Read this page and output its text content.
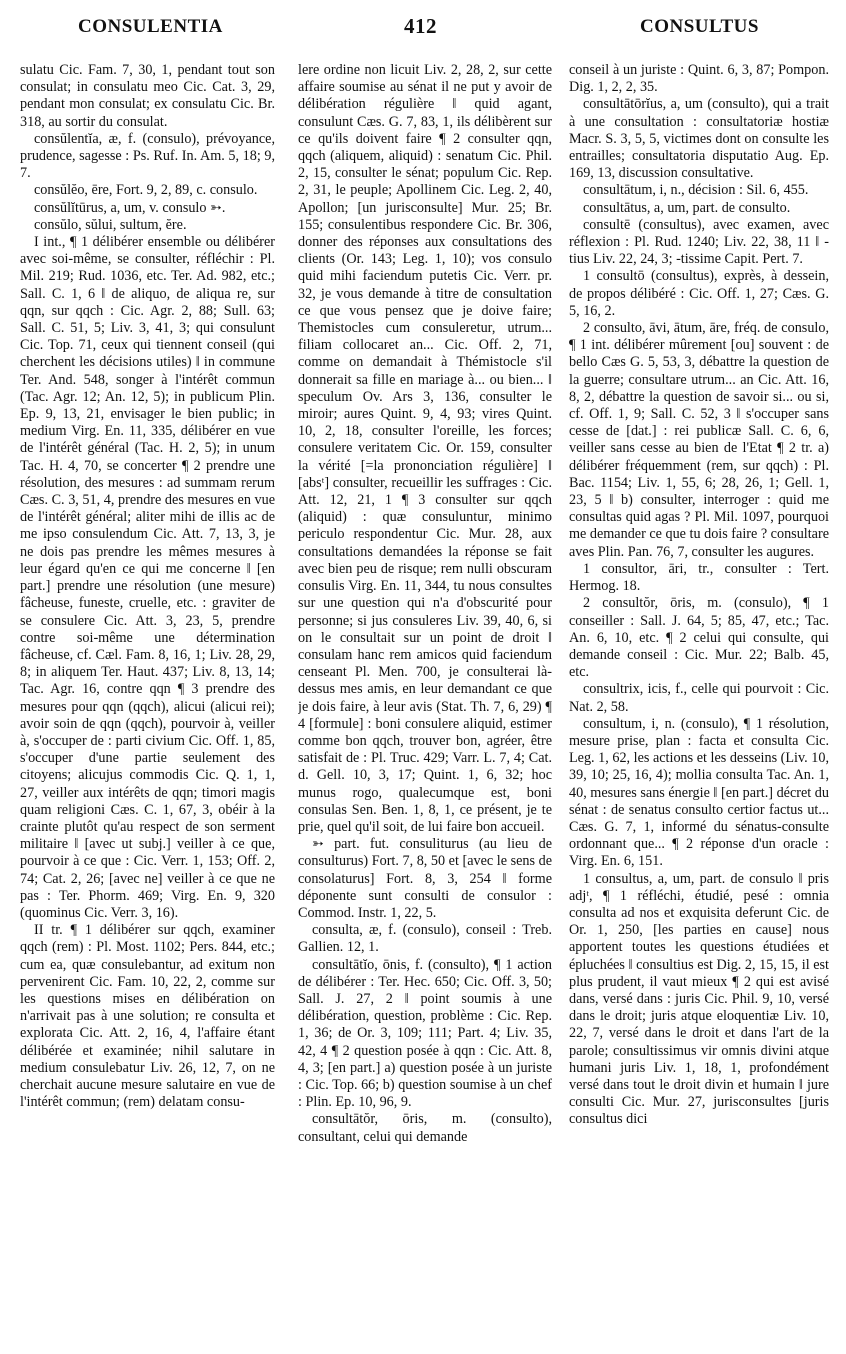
CONSULENTIA	412	CONSULTUS

sulatu Cic. Fam. 7, 30, 1, pendant tout son consulat; in consulatu meo Cic. Cat. 3, 29, pendant mon consulat; ex consulatu Cic. Br. 318, au sortir du consulat.

consŭlentĭa, æ, f. (consulo), prévoyance, prudence, sagesse : Ps. Ruf. In. Am. 5, 18; 9, 7.

consŭlĕo, ēre, Fort. 9, 2, 89, c. consulo.

consŭlĭtūrus, a, um, v. consulo ➳.

consŭlo, sŭlui, sultum, ĕre.

I int., ¶ 1 délibérer ensemble ou délibérer avec soi-même, se consulter, réfléchir : Pl. Mil. 219; Rud. 1036, etc. Ter. Ad. 982, etc.; Sall. C. 1, 6 ‖ de aliquo, de aliqua re, sur qqn, sur qqch : Cic. Agr. 2, 88; Sull. 63; Sall. C. 51, 5; Liv. 3, 41, 3; qui consulunt Cic. Top. 71, ceux qui tiennent conseil (qui cherchent les décisions utiles) ‖ in commune Ter. And. 548, songer à l'intérêt commun (Tac. Agr. 12; An. 12, 5); in publicum Plin. Ep. 9, 13, 21, envisager le bien public; in medium Virg. En. 11, 335, délibérer en vue de l'intérêt général (Tac. H. 2, 5); in unum Tac. H. 4, 70, se concerter ¶ 2 prendre une résolution, des mesures : ad summam rerum Cæs. C. 3, 51, 4, prendre des mesures en vue de l'intérêt général; aliter mihi de illis ac de me ipso consulendum Cic. Att. 7, 13, 3, je ne dois pas prendre les mêmes mesures à leur égard qu'en ce qui me concerne ‖ [en part.] prendre une résolution (une mesure) fâcheuse, funeste, cruelle, etc. : graviter de se consulere Cic. Att. 3, 23, 5, prendre contre soi-même une détermination fâcheuse, cf. Cæl. Fam. 8, 16, 1; Liv. 28, 29, 8; in aliquem Ter. Haut. 437; Liv. 8, 13, 14; Tac. Agr. 16, contre qqn ¶ 3 prendre des mesures pour qqn (qqch), alicui (alicui rei); avoir soin de qqn (qqch), pourvoir à, veiller à, s'occuper de : parti civium Cic. Off. 1, 85, s'occuper d'une partie seulement des citoyens; alicujus commodis Cic. Q. 1, 1, 27, veiller aux intérêts de qqn; timori magis quam religioni Cæs. C. 1, 67, 3, obéir à la crainte plutôt qu'au respect de son serment militaire ‖ [avec ut subj.] veiller à ce que, pourvoir à ce que : Cic. Verr. 1, 153; Off. 2, 74; Cat. 2, 26; [avec ne] veiller à ce que ne pas : Ter. Phorm. 469; Virg. En. 9, 320 (quominus Cic. Verr. 3, 16).

II tr. ¶ 1 délibérer sur qqch, examiner qqch (rem) : Pl. Most. 1102; Pers. 844, etc.; cum ea, quæ consulebantur, ad exitum non pervenirent Cic. Fam. 10, 22, 2, comme sur les questions mises en délibération on n'arrivait pas à une solution; re consulta et explorata Cic. Att. 2, 16, 4, l'affaire étant délibérée et examinée; nihil salutare in medium consulebatur Liv. 26, 12, 7, on ne cherchait aucune mesure salutaire en vue de l'intérêt commun; (rem) delatam consu-

lere ordine non licuit Liv. 2, 28, 2, sur cette affaire soumise au sénat il ne put y avoir de délibération régulière ‖ quid agant, consulunt Cæs. G. 7, 83, 1, ils délibèrent sur ce qu'ils doivent faire ¶ 2 consulter qqn, qqch (aliquem, aliquid) : senatum Cic. Phil. 2, 15, consulter le sénat; populum Cic. Rep. 2, 31, le peuple; Apollinem Cic. Leg. 2, 40, Apollon; [un jurisconsulte] Mur. 25; Br. 155; consulentibus respondere Cic. Br. 306, donner des réponses aux consultations des clients (Or. 143; Leg. 1, 10); vos consulo quid mihi faciendum putetis Cic. Verr. pr. 32, je vous demande à titre de consultation ce que vous pensez que je doive faire; Themistocles cum consuleretur, utrum... filiam collocaret an... Cic. Off. 2, 71, comme on demandait à Thémistocle s'il donnerait sa fille en mariage à... ou bien... ‖ speculum Ov. Ars 3, 136, consulter le miroir; aures Quint. 9, 4, 93; vires Quint. 10, 2, 18, consulter l'oreille, les forces; consulere veritatem Cic. Or. 159, consulter la vérité [=la prononciation régulière] ‖ [absᵗ] consulter, recueillir les suffrages : Cic. Att. 12, 21, 1 ¶ 3 consulter sur qqch (aliquid) : quæ consuluntur, minimo periculo respondentur Cic. Mur. 28, aux consultations demandées la réponse se fait avec bien peu de risque; rem nulli obscuram consulis Virg. En. 11, 344, tu nous consultes sur une question qui n'a d'obscurité pour personne; si jus consuleres Liv. 39, 40, 6, si on le consultait sur un point de droit ‖ consulam hanc rem amicos quid faciendum censeant Pl. Men. 700, je consulterai là-dessus mes amis, en leur demandant ce que je dois faire, à leur avis (Stat. Th. 7, 6, 29) ¶ 4 [formule] : boni consulere aliquid, estimer comme bon qqch, trouver bon, agréer, être satisfait de : Pl. Truc. 429; Varr. L. 7, 4; Cat. d. Gell. 10, 3, 17; Quint. 1, 6, 32; hoc munus rogo, qualecumque est, boni consulas Sen. Ben. 1, 8, 1, ce présent, je te prie, quel qu'il soit, de lui faire bon accueil.

➳ part. fut. consuliturus (au lieu de consulturus) Fort. 7, 8, 50 et [avec le sens de consolaturus] Fort. 8, 3, 254 ‖ forme déponente sunt consulti de consulor : Commod. Instr. 1, 22, 5.

consulta, æ, f. (consulo), conseil : Treb. Gallien. 12, 1.

consultātĭo, ōnis, f. (consulto), ¶ 1 action de délibérer : Ter. Hec. 650; Cic. Off. 3, 50; Sall. J. 27, 2 ‖ point soumis à une délibération, question, problème : Cic. Rep. 1, 36; de Or. 3, 109; 111; Part. 4; Liv. 35, 42, 4 ¶ 2 question posée à qqn : Cic. Att. 8, 4, 3; [en part.] a) question posée à un juriste : Cic. Top. 66; b) question soumise à un chef : Plin. Ep. 10, 96, 9.

consultātŏr, ōris, m. (consulto), consultant, celui qui demande

conseil à un juriste : Quint. 6, 3, 87; Pompon. Dig. 1, 2, 2, 35.

consultātōrĭus, a, um (consulto), qui a trait à une consultation : consultatoriæ hostiæ Macr. S. 3, 5, 5, victimes dont on consulte les entrailles; consultatoria disputatio Aug. Ep. 169, 13, discussion consultative.

consultātum, i, n., décision : Sil. 6, 455.

consultātus, a, um, part. de consulto.

consultē (consultus), avec examen, avec réflexion : Pl. Rud. 1240; Liv. 22, 38, 11 ‖ -tius Liv. 22, 24, 3; -tissime Capit. Pert. 7.

1 consultō (consultus), exprès, à dessein, de propos délibéré : Cic. Off. 1, 27; Cæs. G. 5, 16, 2.

2 consulto, āvi, ātum, āre, fréq. de consulo, ¶ 1 int. délibérer mûrement [ou] souvent : de bello Cæs G. 5, 53, 3, débattre la question de la guerre; consultare utrum... an Cic. Att. 16, 8, 2, débattre la question de savoir si... ou si, cf. Off. 1, 9; Sall. C. 52, 3 ‖ s'occuper sans cesse de [dat.] : rei publicæ Sall. C. 6, 6, veiller sans cesse au bien de l'Etat ¶ 2 tr. a) délibérer fréquemment (rem, sur qqch) : Pl. Bac. 1154; Liv. 1, 55, 6; 28, 26, 1; Gell. 1, 23, 5 ‖ b) consulter, interroger : quid me consultas quid agas ? Pl. Mil. 1097, pourquoi me demander ce que tu dois faire ? consultare aves Plin. Pan. 76, 7, consulter les augures.

1 consultor, āri, tr., consulter : Tert. Hermog. 18.

2 consultŏr, ōris, m. (consulo), ¶ 1 conseiller : Sall. J. 64, 5; 85, 47, etc.; Tac. An. 6, 10, etc. ¶ 2 celui qui consulte, qui demande conseil : Cic. Mur. 22; Balb. 45, etc.

consultrix, icis, f., celle qui pourvoit : Cic. Nat. 2, 58.

consultum, i, n. (consulo), ¶ 1 résolution, mesure prise, plan : facta et consulta Cic. Leg. 1, 62, les actions et les desseins (Liv. 10, 39, 10; 25, 16, 4); mollia consulta Tac. An. 1, 40, mesures sans énergie ‖ [en part.] décret du sénat : de senatus consulto certior factus ut... Cæs. G. 7, 1, informé du sénatus-consulte ordonnant que... ¶ 2 réponse d'un oracle : Virg. En. 6, 151.

1 consultus, a, um, part. de consulo ‖ pris adjᵗ, ¶ 1 réfléchi, étudié, pesé : omnia consulta ad nos et exquisita deferunt Cic. de Or. 1, 250, [les parties en cause] nous apportent toutes les questions étudiées et épluchées ‖ consultius est Dig. 2, 15, 15, il est plus prudent, il vaut mieux ¶ 2 qui est avisé dans, versé dans : juris Cic. Phil. 9, 10, versé dans le droit; juris atque eloquentiæ Liv. 10, 22, 7, versé dans le droit et dans l'art de la parole; consultissimus vir omnis divini atque humani juris Liv. 1, 18, 1, profondément versé dans tout le droit divin et humain ‖ jure consulti Cic. Mur. 27, jurisconsultes [juris consultus dici
